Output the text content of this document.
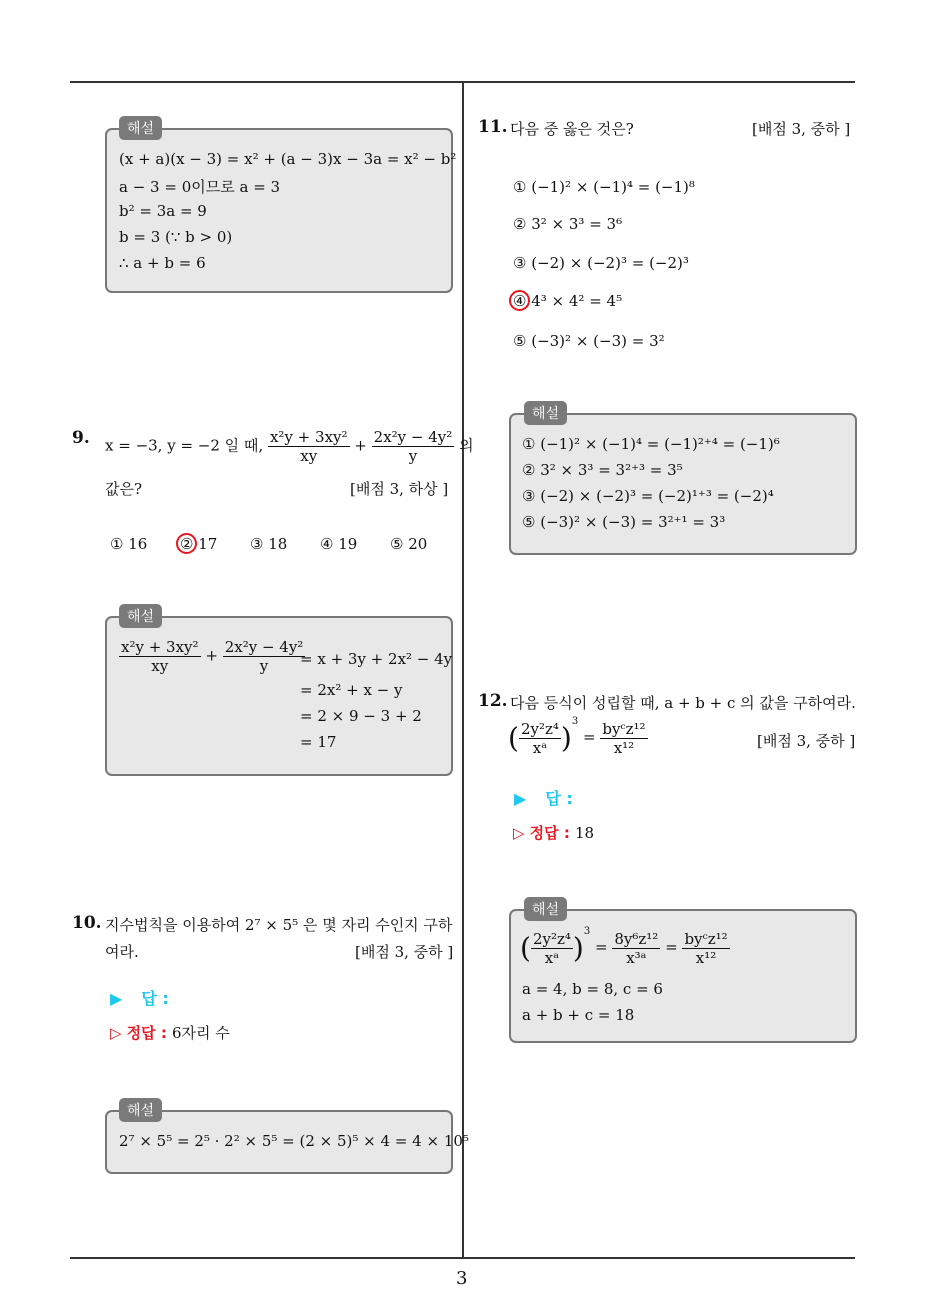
3
해설
(x + a)(x − 3) = x² + (a − 3)x − 3a = x² − b²
a − 3 = 0이므로 a = 3
b² = 3a = 9
b = 3 (∵ b > 0)
∴ a + b = 6
9. x = −3, y = −2 일 때, $\frac{\text{x²y + 3xy²}}{xy} + \frac{\text{2x²y − 4y²}}{y}$ 의
값은?	[배점 3, 하상 ]
① 16 ② 17 ③ 18 ④ 19 ⑤ 20
해설
$\frac{\text{x²y + 3xy²}}{xy} + \frac{\text{2x²y − 4y²}}{y}$
= x + 3y + 2x² − 4y
= 2x² + x − y
= 2 × 9 − 3 + 2
= 17
10. 지수법칙을 이용하여 2⁷ × 5⁵ 은 몇 자리 수인지 구하
여라.	[배점 3, 중하 ]
▶ 답 :
▷ 정답 : 6자리 수
해설
2⁷ × 5⁵ = 2⁵ · 2² × 5⁵ = (2 × 5)⁵ × 4 = 4 × 10⁵
11. 다음 중 옳은 것은?	[배점 3, 중하 ]
① (−1)² × (−1)⁴ = (−1)⁸
② 3² × 3³ = 3⁶
③ (−2) × (−2)³ = (−2)³
④ 4³ × 4² = 4⁵
⑤ (−3)² × (−3) = 3²
해설
① (−1)² × (−1)⁴ = (−1)²⁺⁴ = (−1)⁶
② 3² × 3³ = 3²⁺³ = 3⁵
③ (−2) × (−2)³ = (−2)¹⁺³ = (−2)⁴
⑤ (−3)² × (−3) = 3²⁺¹ = 3³
12. 다음 등식이 성립할 때, a + b + c 의 값을 구하여라.
( $\frac{\text{2y²z⁴}}{\text{xᵃ}} )^3 = \frac{\text{byᶜz¹²}}{\text{x¹²}}$	[배점 3, 중하 ]
▶ 답 :
▷ 정답 : 18
해설
( $\frac{\text{2y²z⁴}}{\text{xᵃ}} )^3 = \frac{\text{8y⁶z¹²}}{\text{x³ᵃ}} = \frac{\text{byᶜz¹²}}{\text{x¹²}}$
a = 4, b = 8, c = 6
a + b + c = 18
